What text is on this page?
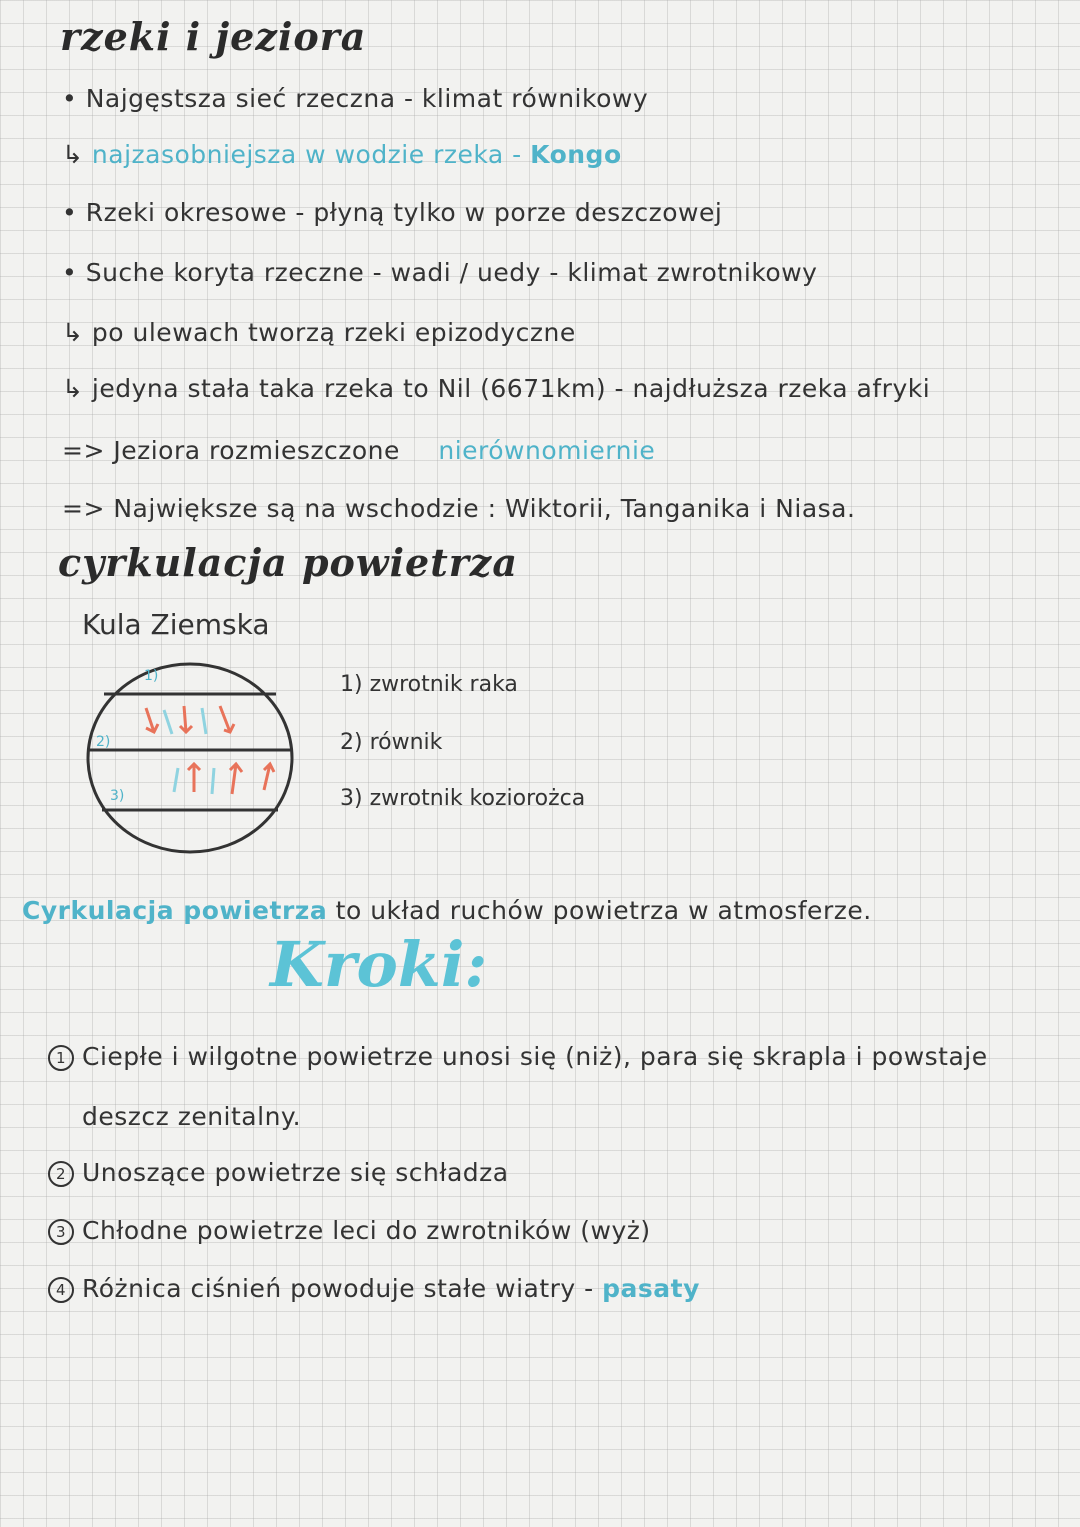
rzeki i jeziora
• Najgęstsza sieć rzeczna - klimat równikowy
↳ najzasobniejsza w wodzie rzeka - Kongo
• Rzeki okresowe - płyną tylko w porze deszczowej
• Suche koryta rzeczne - wadi / uedy - klimat zwrotnikowy
↳ po ulewach tworzą rzeki epizodyczne
↳ jedyna stała taka rzeka to Nil (6671km) - najdłuższa rzeka afryki
=> Jeziora rozmieszczone nierównomiernie
=> Największe są na wschodzie : Wiktorii, Tanganika i Niasa.
cyrkulacja powietrza
Kula Ziemska
1)
2)
3)
1) zwrotnik raka
2) równik
3) zwrotnik koziorożca
Cyrkulacja powietrza to układ ruchów powietrza w atmosferze.
Kroki:
1 Ciepłe i wilgotne powietrze unosi się (niż), para się skrapla i powstaje
deszcz zenitalny.
2 Unoszące powietrze się schładza
3 Chłodne powietrze leci do zwrotników (wyż)
4 Różnica ciśnień powoduje stałe wiatry - pasaty
